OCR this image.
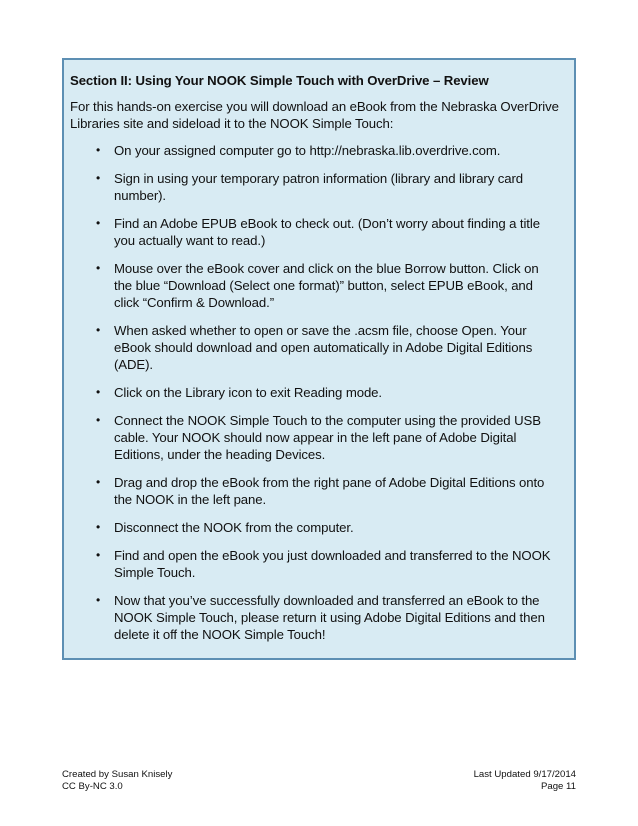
Section II: Using Your NOOK Simple Touch with OverDrive – Review
For this hands-on exercise you will download an eBook from the Nebraska OverDrive Libraries site and sideload it to the NOOK Simple Touch:
• On your assigned computer go to http://nebraska.lib.overdrive.com.
• Sign in using your temporary patron information (library and library card number).
• Find an Adobe EPUB eBook to check out. (Don’t worry about finding a title you actually want to read.)
• Mouse over the eBook cover and click on the blue Borrow button. Click on the blue “Download (Select one format)” button, select EPUB eBook, and click “Confirm & Download.”
• When asked whether to open or save the .acsm file, choose Open. Your eBook should download and open automatically in Adobe Digital Editions (ADE).
• Click on the Library icon to exit Reading mode.
• Connect the NOOK Simple Touch to the computer using the provided USB cable. Your NOOK should now appear in the left pane of Adobe Digital Editions, under the heading Devices.
• Drag and drop the eBook from the right pane of Adobe Digital Editions onto the NOOK in the left pane.
• Disconnect the NOOK from the computer.
• Find and open the eBook you just downloaded and transferred to the NOOK Simple Touch.
• Now that you’ve successfully downloaded and transferred an eBook to the NOOK Simple Touch, please return it using Adobe Digital Editions and then delete it off the NOOK Simple Touch!
Created by Susan Knisely	Last Updated 9/17/2014
CC By-NC 3.0	Page 11
